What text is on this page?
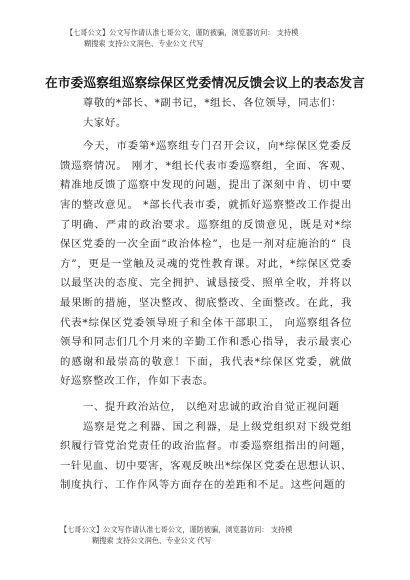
【七哥公文】公文写作请认准七哥公文，谨防被骗，浏览器访问： 支持模
糊搜索 支持公文润色、专业公文 代写
在市委巡察组巡察综保区党委情况反馈会议上的表态发言

尊敬的*部长、*副书记，*组长、各位领导，同志们：

大家好。

今天，市委第*巡察组专门召开会议，向*综保区党委反馈巡察情况。 刚才，*组长代表市委巡察组，全面、客观、 精准地反馈了巡察中发现的问题，提出了深刻中肯、切中要 害的整改意见。 *部长代表市委，就抓好巡察整改工作提出 了明确、严肃的政治要求。巡察组的反馈意见，既是对*综 保区党委的一次全面“政治体检”，也是一剂对症施治的“ 良 方”，更是一堂触及灵魂的党性教育课。对此，*综保区党委 以最坚决的态度、完全拥护、诚恳接受、照单全收，并将以 最果断的措施，坚决整改、彻底整改、全面整改。在此，我 代表*综保区党委领导班子和全体干部职工， 向巡察组各位 领导和同志们几个月来的辛勤工作和悉心指导，表示最衷心 的感谢和最崇高的敬意！下面，我代表*综保区党委，就做 好巡察整改工作，作如下表态。

一、提升政治站位， 以绝对忠诚的政治自觉正视问题

巡察是党之利器、国之利器，是上级党组织对下级党组织履行管党治党责任的政治监督。市委巡察组指出的问题，一针见血、切中要害，客观反映出*综保区党委在思想认识、制度执行、工作作风等方面存在的差距和不足。这些问题的

【七哥公文】公文写作请认准七哥公文，谨防被骗，浏览器访问： 支持模
糊搜索 支持公文润色、专业公文 代写
